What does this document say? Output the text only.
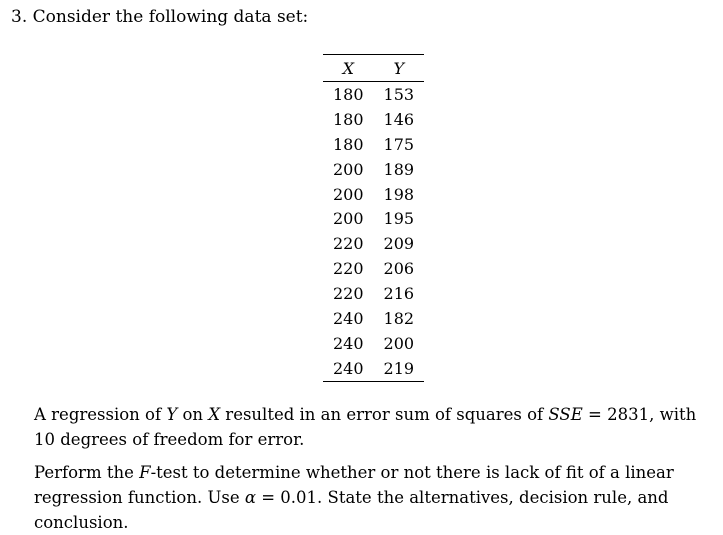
3. Consider the following data set:
X	Y
180	153
180	146
180	175
200	189
200	198
200	195
220	209
220	206
220	216
240	182
240	200
240	219

A regression of Y on X resulted in an error sum of squares of SSE = 2831, with 10 degrees of freedom for error.

Perform the F-test to determine whether or not there is lack of fit of a linear regression function. Use α = 0.01. State the alternatives, decision rule, and conclusion.
